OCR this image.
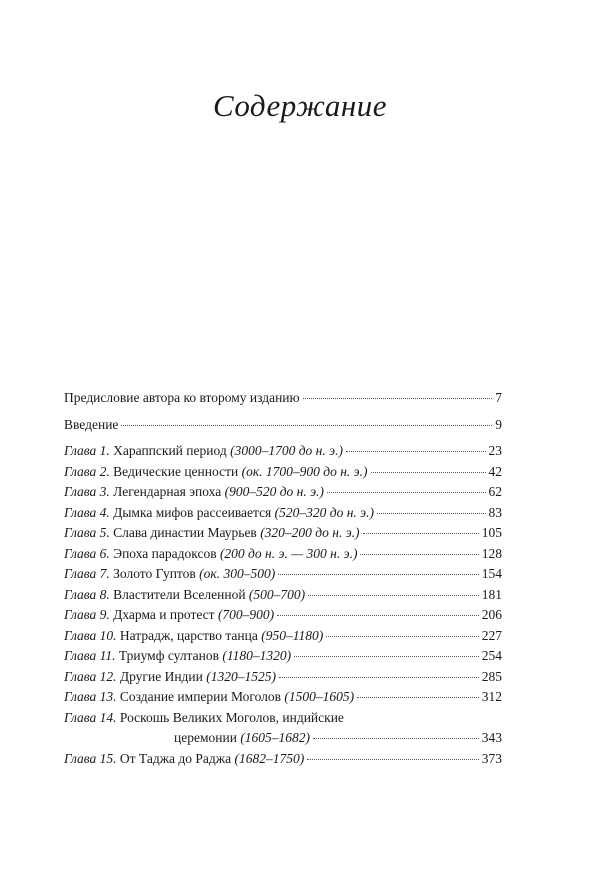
Содержание
Предисловие автора ко второму изданию	7
Введение	9
Глава 1. Хараппский период (3000–1700 до н. э.)	23
Глава 2. Ведические ценности (ок. 1700–900 до н. э.)	42
Глава 3. Легендарная эпоха (900–520 до н. э.)	62
Глава 4. Дымка мифов рассеивается (520–320 до н. э.)	83
Глава 5. Слава династии Маурьев (320–200 до н. э.)	105
Глава 6. Эпоха парадоксов (200 до н. э. — 300 н. э.)	128
Глава 7. Золото Гуптов (ок. 300–500)	154
Глава 8. Властители Вселенной (500–700)	181
Глава 9. Дхарма и протест (700–900)	206
Глава 10. Натрадж, царство танца (950–1180)	227
Глава 11. Триумф султанов (1180–1320)	254
Глава 12. Другие Индии (1320–1525)	285
Глава 13. Создание империи Моголов (1500–1605)	312
Глава 14. Роскошь Великих Моголов, индийские
церемонии (1605–1682)	343
Глава 15. От Таджа до Раджа (1682–1750)	373
